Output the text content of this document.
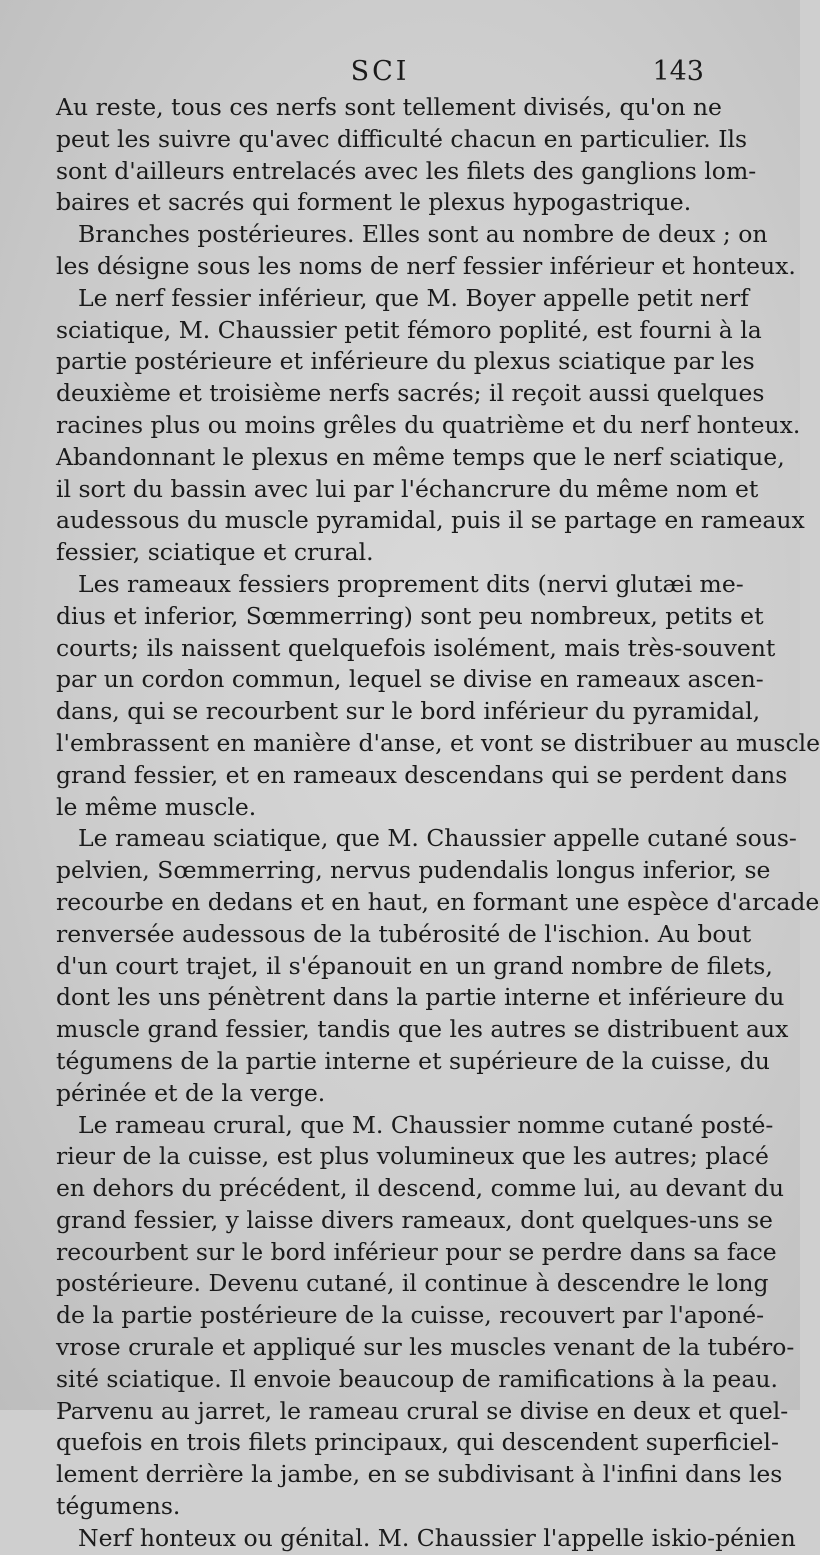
SCI	143
Au reste, tous ces nerfs sont tellement divisés, qu'on ne
peut les suivre qu'avec difficulté chacun en particulier. Ils
sont d'ailleurs entrelacés avec les filets des ganglions lom-
baires et sacrés qui forment le plexus hypogastrique.
Branches postérieures. Elles sont au nombre de deux ; on
les désigne sous les noms de nerf fessier inférieur et honteux.
Le nerf fessier inférieur, que M. Boyer appelle petit nerf
sciatique, M. Chaussier petit fémoro poplité, est fourni à la
partie postérieure et inférieure du plexus sciatique par les
deuxième et troisième nerfs sacrés; il reçoit aussi quelques
racines plus ou moins grêles du quatrième et du nerf honteux.
Abandonnant le plexus en même temps que le nerf sciatique,
il sort du bassin avec lui par l'échancrure du même nom et
audessous du muscle pyramidal, puis il se partage en rameaux
fessier, sciatique et crural.
Les rameaux fessiers proprement dits (nervi glutæi me-
dius et inferior, Sœmmerring) sont peu nombreux, petits et
courts; ils naissent quelquefois isolément, mais très-souvent
par un cordon commun, lequel se divise en rameaux ascen-
dans, qui se recourbent sur le bord inférieur du pyramidal,
l'embrassent en manière d'anse, et vont se distribuer au muscle
grand fessier, et en rameaux descendans qui se perdent dans
le même muscle.
Le rameau sciatique, que M. Chaussier appelle cutané sous-
pelvien, Sœmmerring, nervus pudendalis longus inferior, se
recourbe en dedans et en haut, en formant une espèce d'arcade
renversée audessous de la tubérosité de l'ischion. Au bout
d'un court trajet, il s'épanouit en un grand nombre de filets,
dont les uns pénètrent dans la partie interne et inférieure du
muscle grand fessier, tandis que les autres se distribuent aux
tégumens de la partie interne et supérieure de la cuisse, du
périnée et de la verge.
Le rameau crural, que M. Chaussier nomme cutané posté-
rieur de la cuisse, est plus volumineux que les autres; placé
en dehors du précédent, il descend, comme lui, au devant du
grand fessier, y laisse divers rameaux, dont quelques-uns se
recourbent sur le bord inférieur pour se perdre dans sa face
postérieure. Devenu cutané, il continue à descendre le long
de la partie postérieure de la cuisse, recouvert par l'aponé-
vrose crurale et appliqué sur les muscles venant de la tubéro-
sité sciatique. Il envoie beaucoup de ramifications à la peau.
Parvenu au jarret, le rameau crural se divise en deux et quel-
quefois en trois filets principaux, qui descendent superficiel-
lement derrière la jambe, en se subdivisant à l'infini dans les
tégumens.
Nerf honteux ou génital. M. Chaussier l'appelle iskio-pénien
